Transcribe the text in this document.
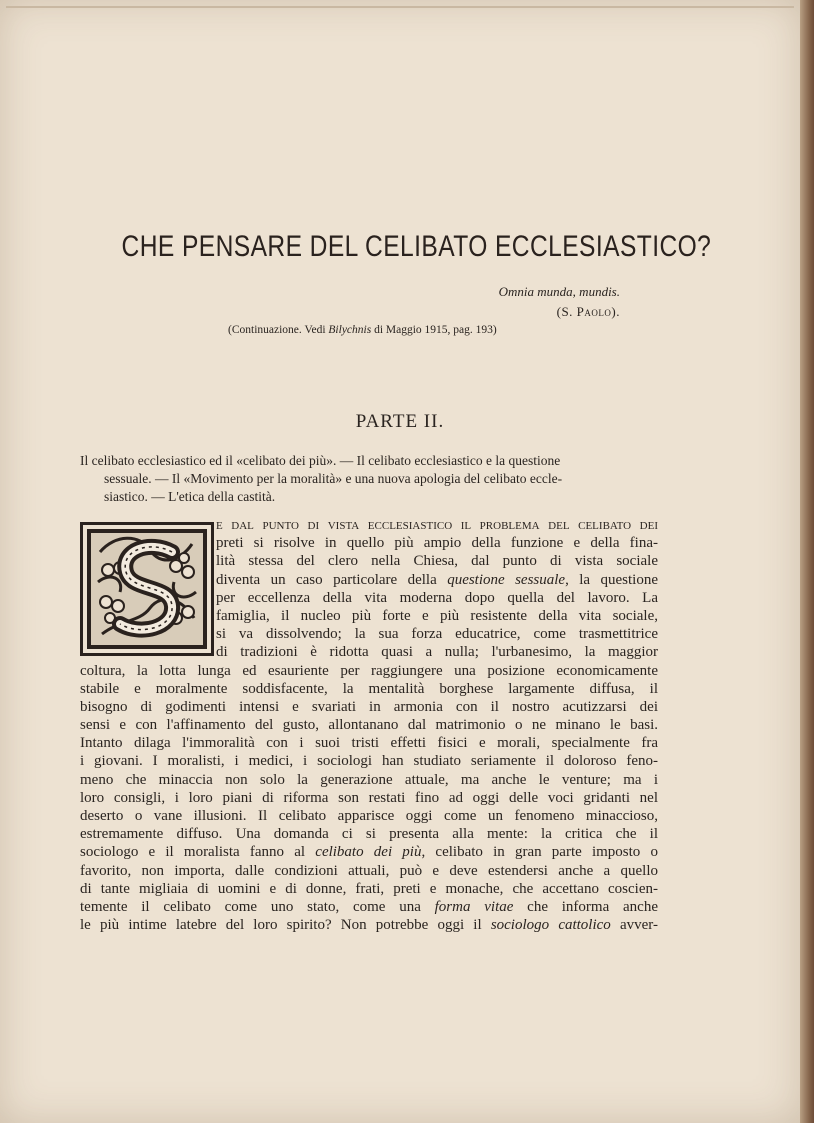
CHE PENSARE DEL CELIBATO ECCLESIASTICO?
Omnia munda, mundis.
(S. Paolo).
(Continuazione. Vedi Bilychnis di Maggio 1915, pag. 193)
PARTE II.
Il celibato ecclesiastico ed il «celibato dei più». — Il celibato ecclesiastico e la questione
sessuale. — Il «Movimento per la moralità» e una nuova apologia del celibato eccle-
siastico. — L'etica della castità.
e dal punto di vista ecclesiastico il problema del celibato dei
preti si risolve in quello più ampio della funzione e della fina-
lità stessa del clero nella Chiesa, dal punto di vista sociale
diventa un caso particolare della questione sessuale, la questione
per eccellenza della vita moderna dopo quella del lavoro. La
famiglia, il nucleo più forte e più resistente della vita sociale,
si va dissolvendo; la sua forza educatrice, come trasmettitrice
di tradizioni è ridotta quasi a nulla; l'urbanesimo, la maggior
coltura, la lotta lunga ed esauriente per raggiungere una posizione economicamente
stabile e moralmente soddisfacente, la mentalità borghese largamente diffusa, il
bisogno di godimenti intensi e svariati in armonia con il nostro acutizzarsi dei
sensi e con l'affinamento del gusto, allontanano dal matrimonio o ne minano le basi.
Intanto dilaga l'immoralità con i suoi tristi effetti fisici e morali, specialmente fra
i giovani. I moralisti, i medici, i sociologi han studiato seriamente il doloroso feno-
meno che minaccia non solo la generazione attuale, ma anche le venture; ma i
loro consigli, i loro piani di riforma son restati fino ad oggi delle voci gridanti nel
deserto o vane illusioni. Il celibato apparisce oggi come un fenomeno minaccioso,
estremamente diffuso. Una domanda ci si presenta alla mente: la critica che il
sociologo e il moralista fanno al celibato dei più, celibato in gran parte imposto o
favorito, non importa, dalle condizioni attuali, può e deve estendersi anche a quello
di tante migliaia di uomini e di donne, frati, preti e monache, che accettano coscien-
temente il celibato come uno stato, come una forma vitae che informa anche
le più intime latebre del loro spirito? Non potrebbe oggi il sociologo cattolico avver-
